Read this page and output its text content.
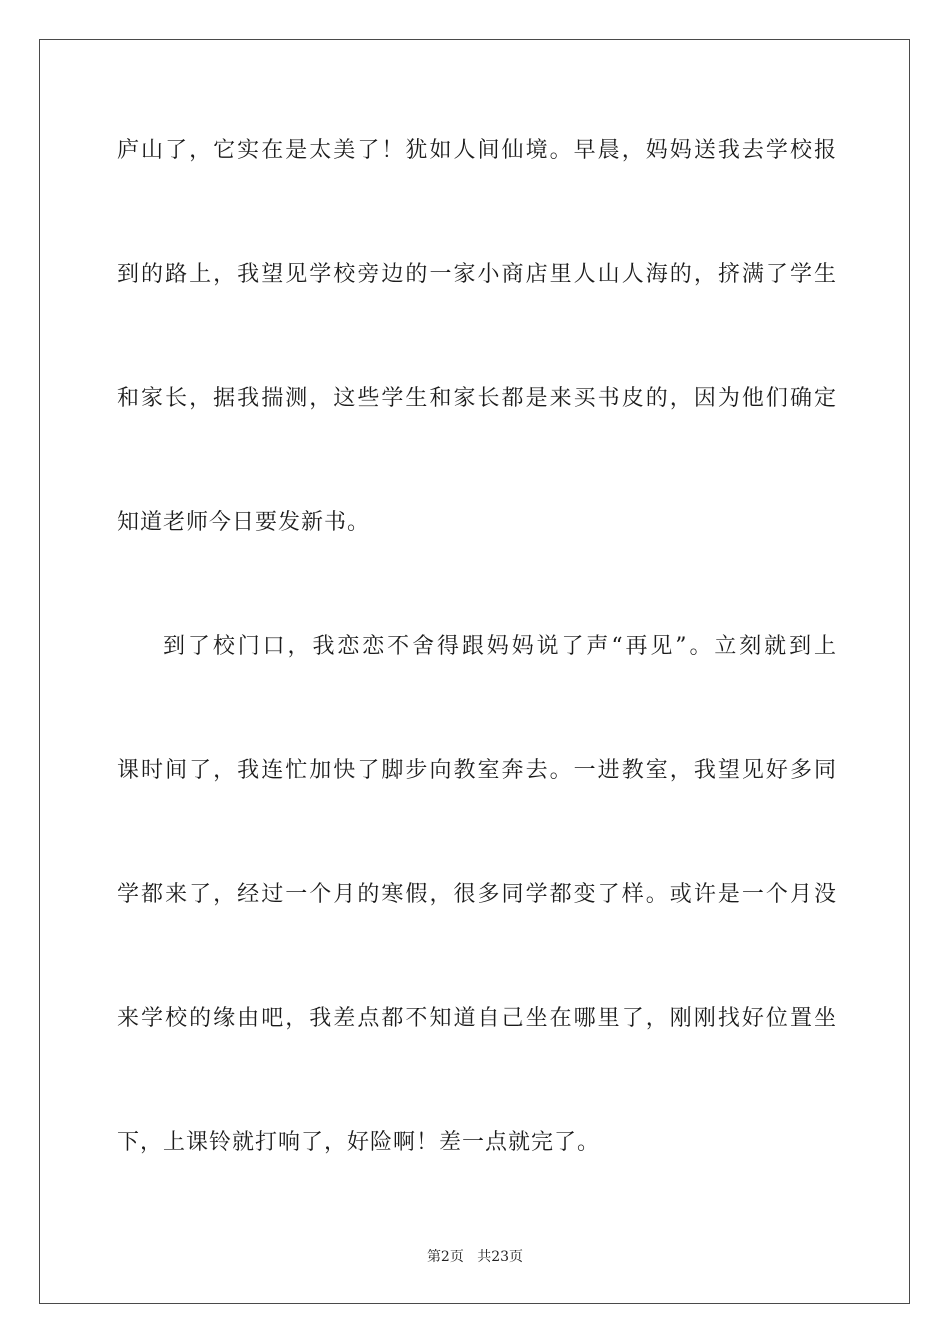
庐山了，它实在是太美了！犹如人间仙境。早晨，妈妈送我去学校报
到的路上，我望见学校旁边的一家小商店里人山人海的，挤满了学生
和家长，据我揣测，这些学生和家长都是来买书皮的，因为他们确定
知道老师今日要发新书。
到了校门口，我恋恋不舍得跟妈妈说了声“再见”。立刻就到上
课时间了，我连忙加快了脚步向教室奔去。一进教室，我望见好多同
学都来了，经过一个月的寒假，很多同学都变了样。或许是一个月没
来学校的缘由吧，我差点都不知道自己坐在哪里了，刚刚找好位置坐
下，上课铃就打响了，好险啊！差一点就完了。
第2页 共23页
